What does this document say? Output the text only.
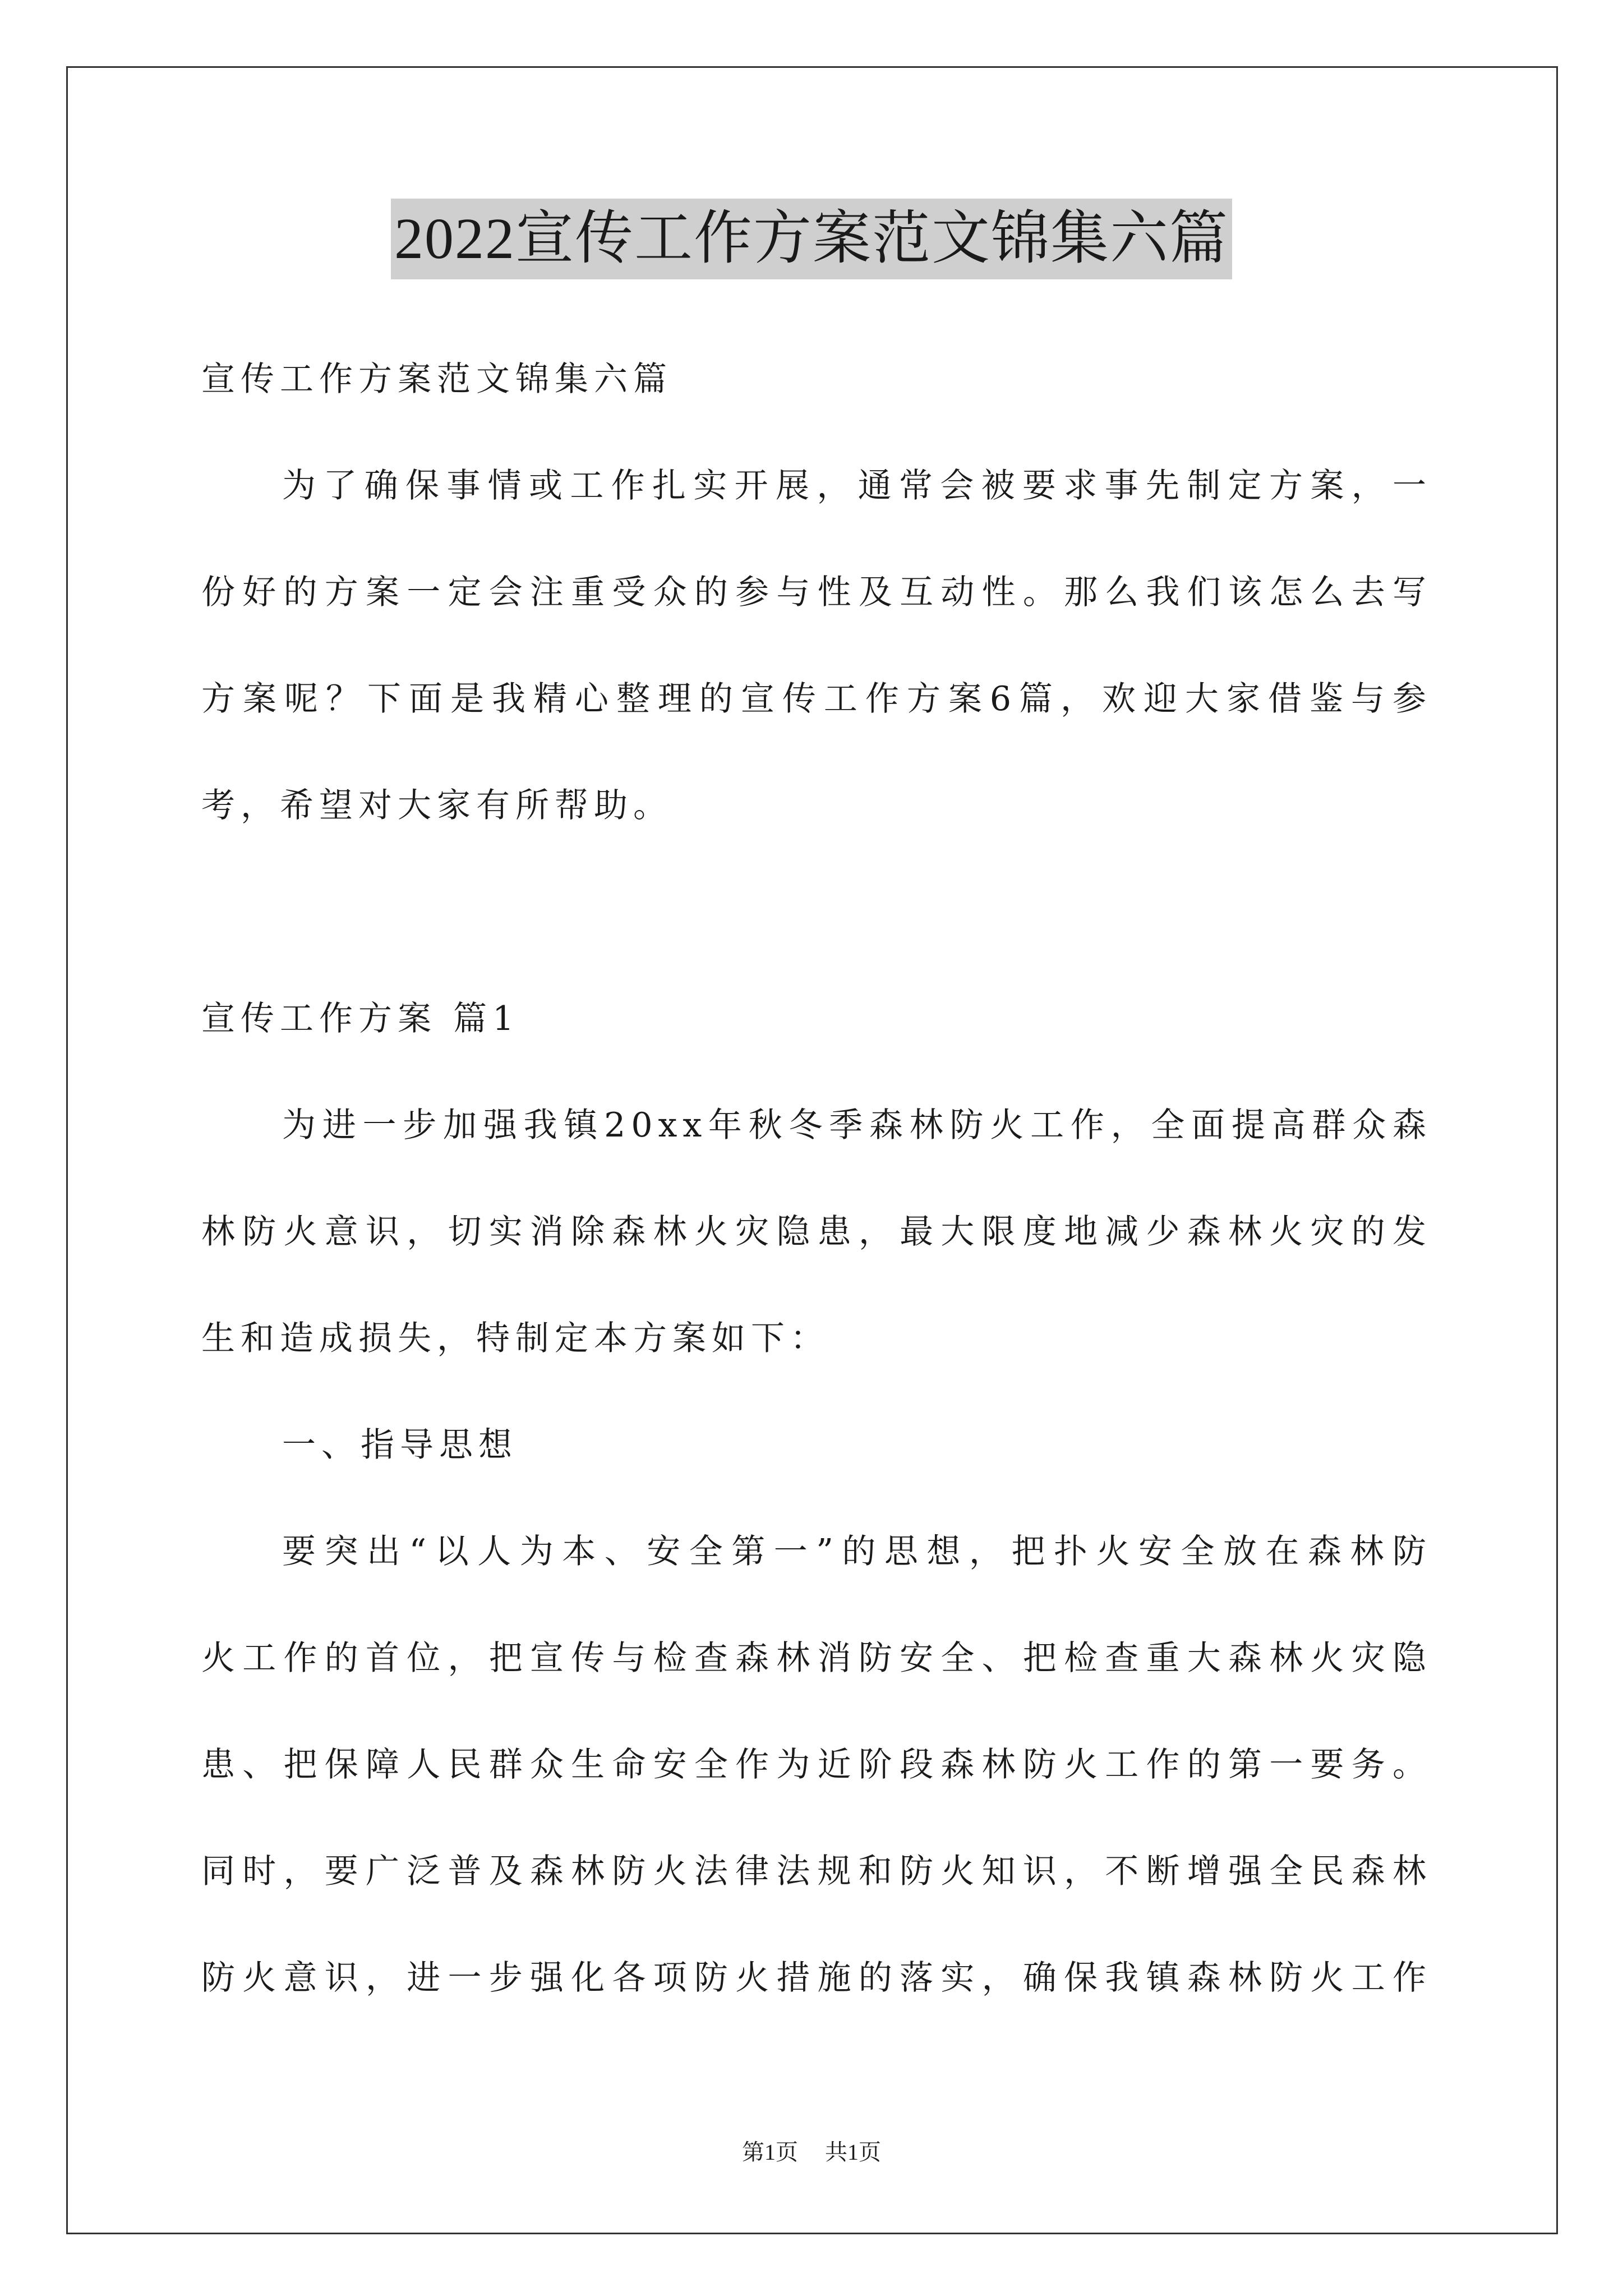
2022宣传工作方案范文锦集六篇
宣传工作方案范文锦集六篇
为了确保事情或工作扎实开展，通常会被要求事先制定方案，一
份好的方案一定会注重受众的参与性及互动性。那么我们该怎么去写
方案呢？下面是我精心整理的宣传工作方案6篇，欢迎大家借鉴与参
考，希望对大家有所帮助。
宣传工作方案 篇1
为进一步加强我镇20xx年秋冬季森林防火工作，全面提高群众森
林防火意识，切实消除森林火灾隐患，最大限度地减少森林火灾的发
生和造成损失，特制定本方案如下：
一、指导思想
要突出“以人为本、安全第一”的思想，把扑火安全放在森林防
火工作的首位，把宣传与检查森林消防安全、把检查重大森林火灾隐
患、把保障人民群众生命安全作为近阶段森林防火工作的第一要务。
同时，要广泛普及森林防火法律法规和防火知识，不断增强全民森林
防火意识，进一步强化各项防火措施的落实，确保我镇森林防火工作
第1页 共1页
